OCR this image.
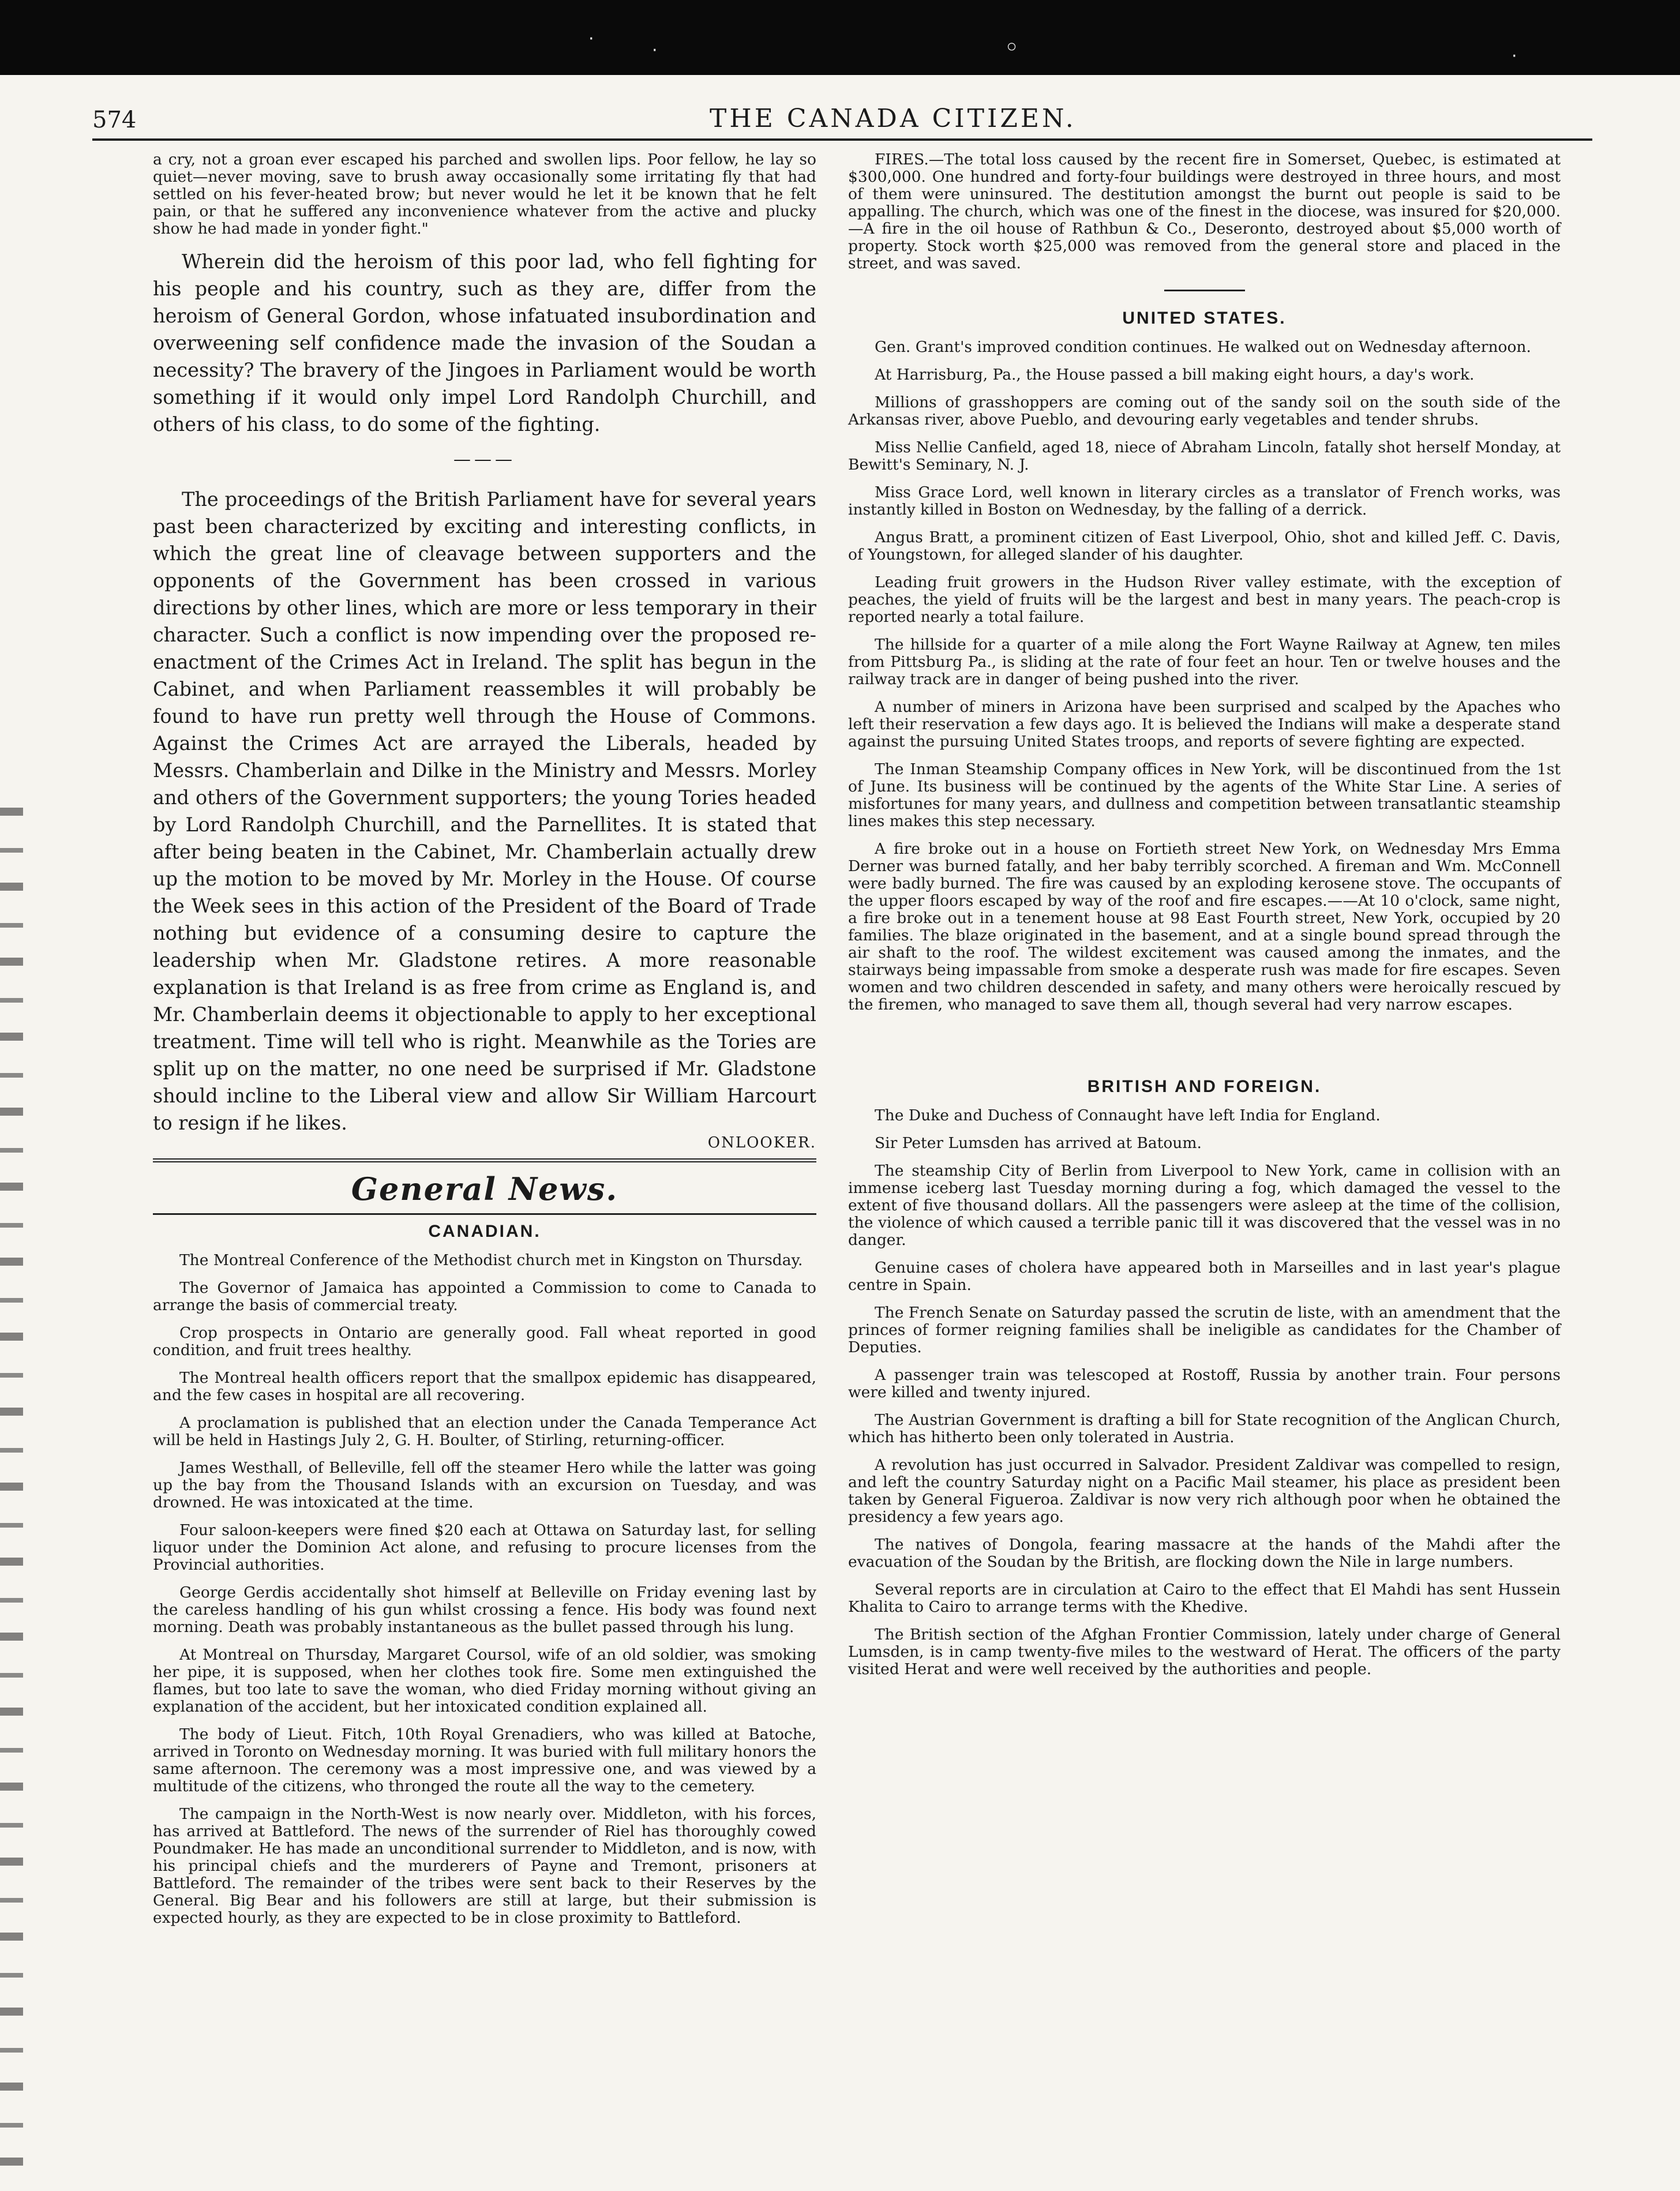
·
·	◦	·
574	THE CANADA CITIZEN.

a cry, not a groan ever escaped his parched and swollen lips. Poor fellow, he lay so quiet—never moving, save to brush away occasionally some irritating fly that had settled on his fever-heated brow; but never would he let it be known that he felt pain, or that he suffered any inconvenience whatever from the active and plucky show he had made in yonder fight."

Wherein did the heroism of this poor lad, who fell fighting for his people and his country, such as they are, differ from the heroism of General Gordon, whose infatuated insubordination and overweening self confidence made the invasion of the Soudan a necessity? The bravery of the Jingoes in Parliament would be worth something if it would only impel Lord Randolph Churchill, and others of his class, to do some of the fighting.

———

The proceedings of the British Parliament have for several years past been characterized by exciting and interesting conflicts, in which the great line of cleavage between supporters and the opponents of the Government has been crossed in various directions by other lines, which are more or less temporary in their character. Such a conflict is now impending over the proposed re-enactment of the Crimes Act in Ireland. The split has begun in the Cabinet, and when Parliament reassembles it will probably be found to have run pretty well through the House of Commons. Against the Crimes Act are arrayed the Liberals, headed by Messrs. Chamberlain and Dilke in the Ministry and Messrs. Morley and others of the Government supporters; the young Tories headed by Lord Randolph Churchill, and the Parnellites. It is stated that after being beaten in the Cabinet, Mr. Chamberlain actually drew up the motion to be moved by Mr. Morley in the House. Of course the Week sees in this action of the President of the Board of Trade nothing but evidence of a consuming desire to capture the leadership when Mr. Gladstone retires. A more reasonable explanation is that Ireland is as free from crime as England is, and Mr. Chamberlain deems it objectionable to apply to her exceptional treatment. Time will tell who is right. Meanwhile as the Tories are split up on the matter, no one need be surprised if Mr. Gladstone should incline to the Liberal view and allow Sir William Harcourt to resign if he likes.

ONLOOKER.
General News.
CANADIAN.

The Montreal Conference of the Methodist church met in Kingston on Thursday.

The Governor of Jamaica has appointed a Commission to come to Canada to arrange the basis of commercial treaty.

Crop prospects in Ontario are generally good. Fall wheat reported in good condition, and fruit trees healthy.

The Montreal health officers report that the smallpox epidemic has disappeared, and the few cases in hospital are all recovering.

A proclamation is published that an election under the Canada Temperance Act will be held in Hastings July 2, G. H. Boulter, of Stirling, returning-officer.

James Westhall, of Belleville, fell off the steamer Hero while the latter was going up the bay from the Thousand Islands with an excursion on Tuesday, and was drowned. He was intoxicated at the time.

Four saloon-keepers were fined $20 each at Ottawa on Saturday last, for selling liquor under the Dominion Act alone, and refusing to procure licenses from the Provincial authorities.

George Gerdis accidentally shot himself at Belleville on Friday evening last by the careless handling of his gun whilst crossing a fence. His body was found next morning. Death was probably instantaneous as the bullet passed through his lung.

At Montreal on Thursday, Margaret Coursol, wife of an old soldier, was smoking her pipe, it is supposed, when her clothes took fire. Some men extinguished the flames, but too late to save the woman, who died Friday morning without giving an explanation of the accident, but her intoxicated condition explained all.

The body of Lieut. Fitch, 10th Royal Grenadiers, who was killed at Batoche, arrived in Toronto on Wednesday morning. It was buried with full military honors the same afternoon. The ceremony was a most impressive one, and was viewed by a multitude of the citizens, who thronged the route all the way to the cemetery.

The campaign in the North-West is now nearly over. Middleton, with his forces, has arrived at Battleford. The news of the surrender of Riel has thoroughly cowed Poundmaker. He has made an unconditional surrender to Middleton, and is now, with his principal chiefs and the murderers of Payne and Tremont, prisoners at Battleford. The remainder of the tribes were sent back to their Reserves by the General. Big Bear and his followers are still at large, but their submission is expected hourly, as they are expected to be in close proximity to Battleford.

FIRES.—The total loss caused by the recent fire in Somerset, Quebec, is estimated at $300,000. One hundred and forty-four buildings were destroyed in three hours, and most of them were uninsured. The destitution amongst the burnt out people is said to be appalling. The church, which was one of the finest in the diocese, was insured for $20,000.—A fire in the oil house of Rathbun & Co., Deseronto, destroyed about $5,000 worth of property. Stock worth $25,000 was removed from the general store and placed in the street, and was saved.

UNITED STATES.

Gen. Grant's improved condition continues. He walked out on Wednesday afternoon.

At Harrisburg, Pa., the House passed a bill making eight hours, a day's work.

Millions of grasshoppers are coming out of the sandy soil on the south side of the Arkansas river, above Pueblo, and devouring early vegetables and tender shrubs.

Miss Nellie Canfield, aged 18, niece of Abraham Lincoln, fatally shot herself Monday, at Bewitt's Seminary, N. J.

Miss Grace Lord, well known in literary circles as a translator of French works, was instantly killed in Boston on Wednesday, by the falling of a derrick.

Angus Bratt, a prominent citizen of East Liverpool, Ohio, shot and killed Jeff. C. Davis, of Youngstown, for alleged slander of his daughter.

Leading fruit growers in the Hudson River valley estimate, with the exception of peaches, the yield of fruits will be the largest and best in many years. The peach-crop is reported nearly a total failure.

The hillside for a quarter of a mile along the Fort Wayne Railway at Agnew, ten miles from Pittsburg Pa., is sliding at the rate of four feet an hour. Ten or twelve houses and the railway track are in danger of being pushed into the river.

A number of miners in Arizona have been surprised and scalped by the Apaches who left their reservation a few days ago. It is believed the Indians will make a desperate stand against the pursuing United States troops, and reports of severe fighting are expected.

The Inman Steamship Company offices in New York, will be discontinued from the 1st of June. Its business will be continued by the agents of the White Star Line. A series of misfortunes for many years, and dullness and competition between transatlantic steamship lines makes this step necessary.

A fire broke out in a house on Fortieth street New York, on Wednesday Mrs Emma Derner was burned fatally, and her baby terribly scorched. A fireman and Wm. McConnell were badly burned. The fire was caused by an exploding kerosene stove. The occupants of the upper floors escaped by way of the roof and fire escapes.——At 10 o'clock, same night, a fire broke out in a tenement house at 98 East Fourth street, New York, occupied by 20 families. The blaze originated in the basement, and at a single bound spread through the air shaft to the roof. The wildest excitement was caused among the inmates, and the stairways being impassable from smoke a desperate rush was made for fire escapes. Seven women and two children descended in safety, and many others were heroically rescued by the firemen, who managed to save them all, though several had very narrow escapes.

BRITISH AND FOREIGN.

The Duke and Duchess of Connaught have left India for England.

Sir Peter Lumsden has arrived at Batoum.

The steamship City of Berlin from Liverpool to New York, came in collision with an immense iceberg last Tuesday morning during a fog, which damaged the vessel to the extent of five thousand dollars. All the passengers were asleep at the time of the collision, the violence of which caused a terrible panic till it was discovered that the vessel was in no danger.

Genuine cases of cholera have appeared both in Marseilles and in last year's plague centre in Spain.

The French Senate on Saturday passed the scrutin de liste, with an amendment that the princes of former reigning families shall be ineligible as candidates for the Chamber of Deputies.

A passenger train was telescoped at Rostoff, Russia by another train. Four persons were killed and twenty injured.

The Austrian Government is drafting a bill for State recognition of the Anglican Church, which has hitherto been only tolerated in Austria.

A revolution has just occurred in Salvador. President Zaldivar was compelled to resign, and left the country Saturday night on a Pacific Mail steamer, his place as president been taken by General Figueroa. Zaldivar is now very rich although poor when he obtained the presidency a few years ago.

The natives of Dongola, fearing massacre at the hands of the Mahdi after the evacuation of the Soudan by the British, are flocking down the Nile in large numbers.

Several reports are in circulation at Cairo to the effect that El Mahdi has sent Hussein Khalita to Cairo to arrange terms with the Khedive.

The British section of the Afghan Frontier Commission, lately under charge of General Lumsden, is in camp twenty-five miles to the westward of Herat. The officers of the party visited Herat and were well received by the authorities and people.
